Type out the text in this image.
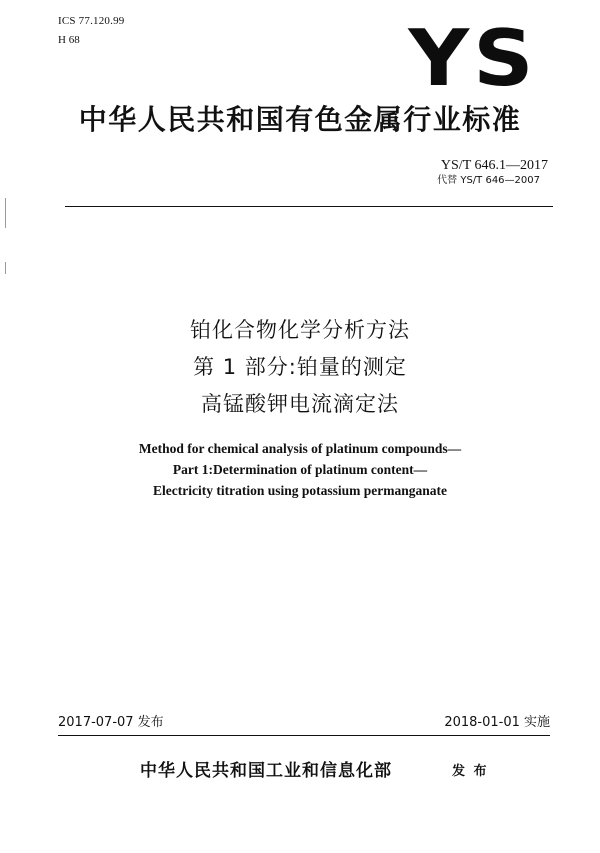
ICS 77.120.99
H 68	YS
中华人民共和国有色金属行业标准
YS/T 646.1—2017
代替 YS/T 646—2007
铂化合物化学分析方法
第 1 部分:铂量的测定
高锰酸钾电流滴定法
Method for chemical analysis of platinum compounds—
Part 1:Determination of platinum content—
Electricity titration using potassium permanganate
2017-07-07 发布	2018-01-01 实施
中华人民共和国工业和信息化部	发 布
